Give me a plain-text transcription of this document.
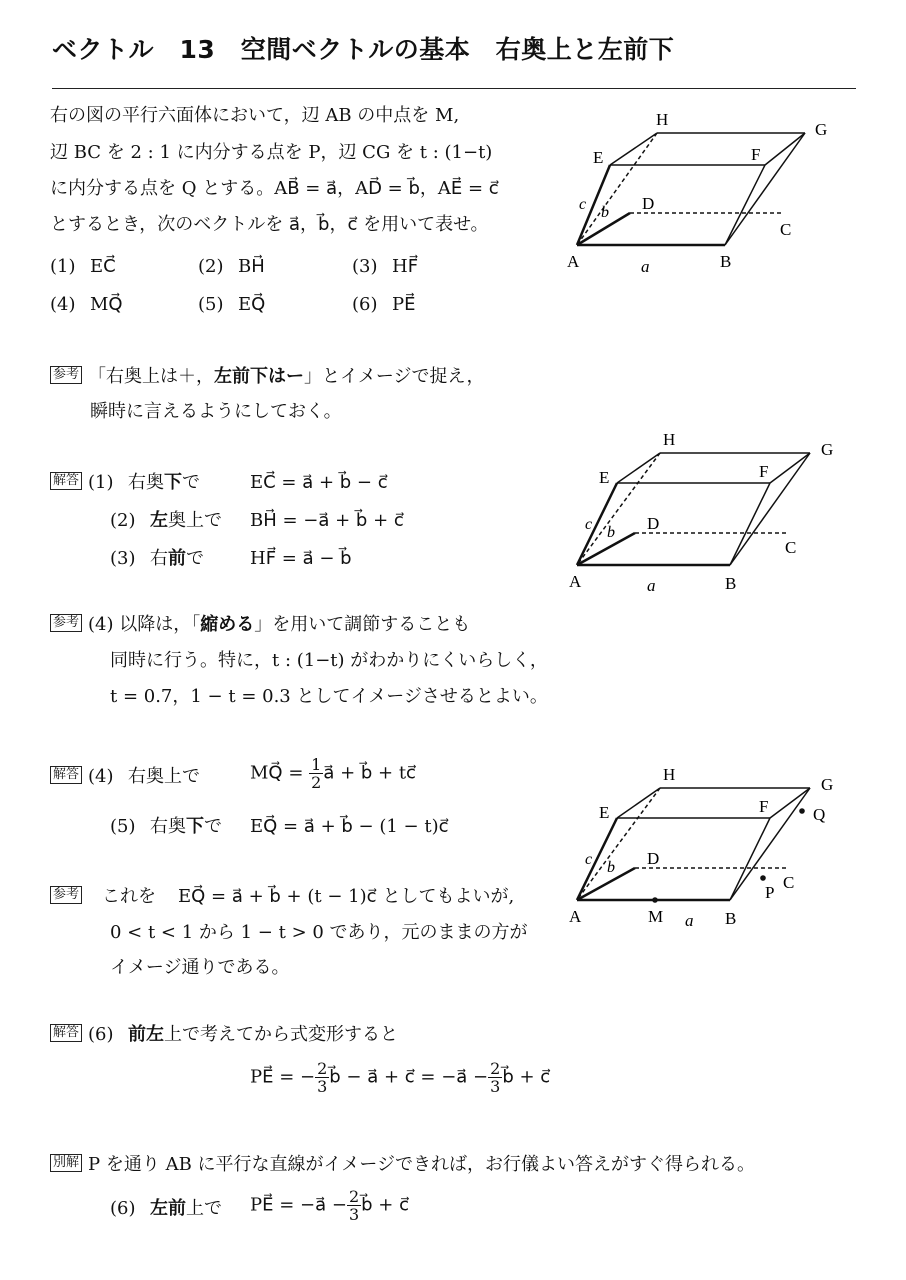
ベクトル　13　空間ベクトルの基本　右奥上と左前下
右の図の平行六面体において，辺 AB の中点を M,
辺 BC を 2 : 1 に内分する点を P，辺 CG を t : (1−t)
に内分する点を Q とする。AB⃗ = a⃗，AD⃗ = b⃗，AE⃗ = c⃗
とするとき，次のベクトルを a⃗，b⃗，c⃗ を用いて表せ。
(1) EC⃗	(2) BH⃗	(3) HF⃗
(4) MQ⃗	(5) EQ⃗	(6) PE⃗
A	B
C
D
E	F
G
H
a⃗
b⃗
c⃗
参考 「右奥上は＋，左前下はー」とイメージで捉え，
瞬時に言えるようにしておく。
解答 (1) 右奥下で	EC⃗ = a⃗ + b⃗ − c⃗
(2) 左奥上で BH⃗ = −a⃗ + b⃗ + c⃗
(3) 右前で	HF⃗ = a⃗ − b⃗
A	B
C
D
E	F
G
H
a⃗
b⃗
c⃗
参考 (4) 以降は，「縮める」を用いて調節することも
同時に行う。特に，t : (1−t) がわかりにくいらしく，
t = 0.7，1 − t = 0.3 としてイメージさせるとよい。
解答 (4) 右奥上で	MQ⃗ = $\frac{1}{2}$ a⃗ + b⃗ + tc⃗
(5) 右奥下で EQ⃗ = a⃗ + b⃗ − (1 − t)c⃗
A	B
C
D
E	F
G
H
M
P
Q
a⃗
b⃗
c⃗
参考 これを EQ⃗ = a⃗ + b⃗ + (t − 1)c⃗ としてもよいが,
0 < t < 1 から 1 − t > 0 であり，元のままの方が
イメージ通りである。
解答 (6) 前左上で考えてから式変形すると
PE⃗ = − $\frac{2}{3}$ b⃗ − a⃗ + c⃗ = −a⃗ − $\frac{2}{3}$ b⃗ + c⃗
別解 P を通り AB に平行な直線がイメージできれば，お行儀よい答えがすぐ得られる。
(6) 左前上で PE⃗ = −a⃗ − $\frac{2}{3}$ b⃗ + c⃗
